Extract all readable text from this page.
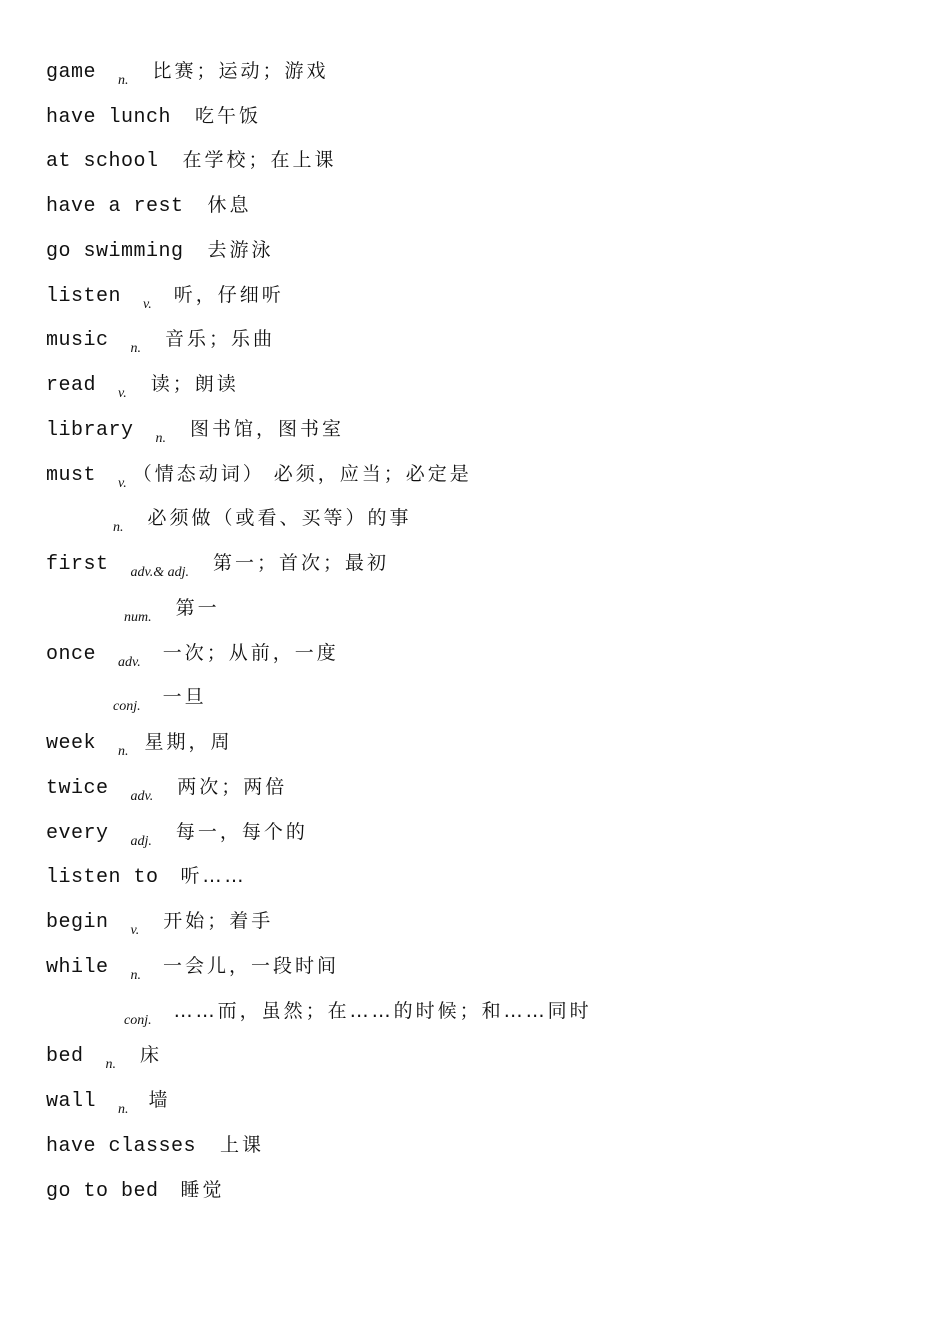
game n. 比赛；运动；游戏
have lunch 吃午饭
at school 在学校；在上课
have a rest 休息
go swimming 去游泳
listen v. 听，仔细听
music n. 音乐；乐曲
read v. 读；朗读
library n. 图书馆，图书室
must v. （情态动词） 必须，应当；必定是
n. 必须做（或看、买等）的事
first adv.& adj. 第一；首次；最初
num. 第一
once adv. 一次；从前，一度
conj. 一旦
week n. 星期，周
twice adv. 两次；两倍
every adj. 每一，每个的
listen to 听……
begin v. 开始；着手
while n. 一会儿，一段时间
conj. ……而，虽然；在……的时候；和……同时
bed n. 床
wall n. 墙
have classes 上课
go to bed 睡觉
